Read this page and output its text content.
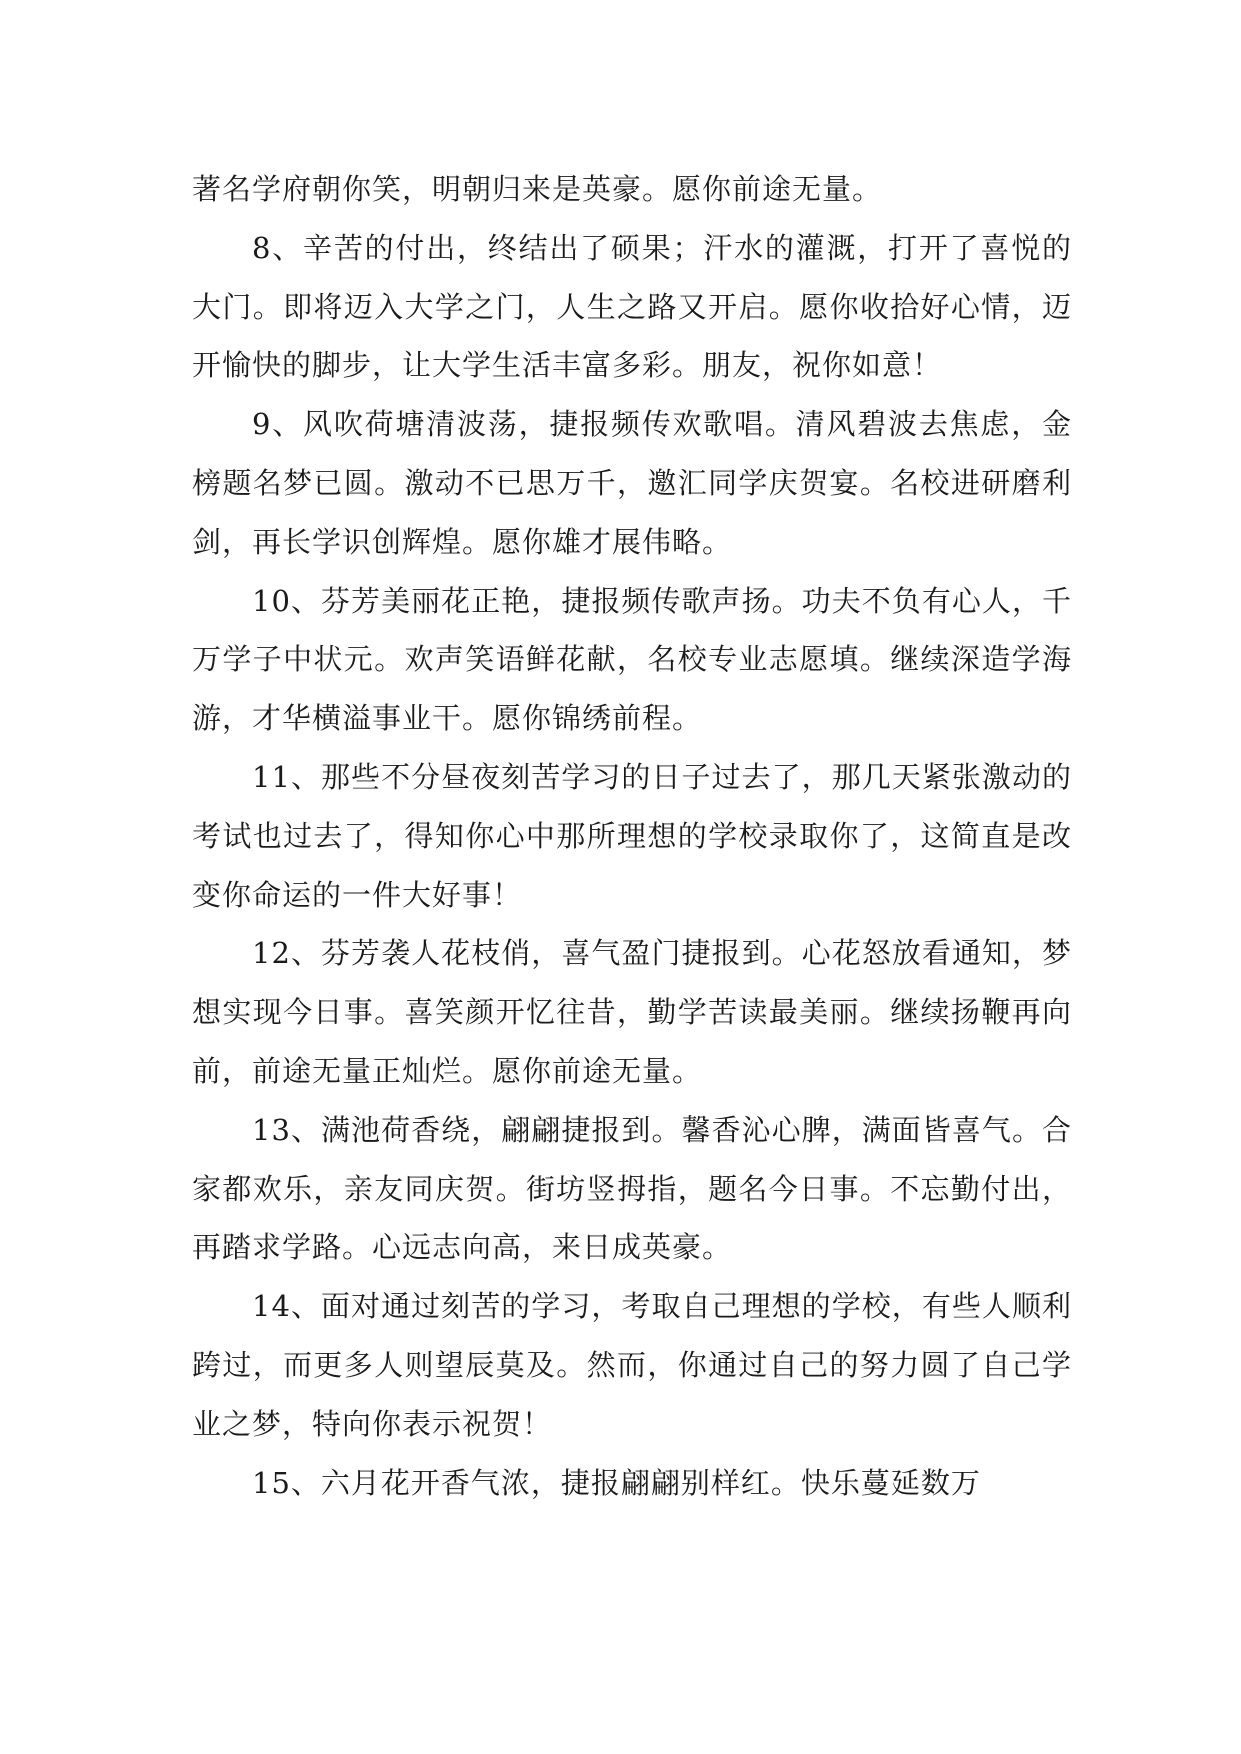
著名学府朝你笑，明朝归来是英豪。愿你前途无量。

8、辛苦的付出，终结出了硕果；汗水的灌溉，打开了喜悦的大门。即将迈入大学之门，人生之路又开启。愿你收拾好心情，迈开愉快的脚步，让大学生活丰富多彩。朋友，祝你如意！

9、风吹荷塘清波荡，捷报频传欢歌唱。清风碧波去焦虑，金榜题名梦已圆。激动不已思万千，邀汇同学庆贺宴。名校进研磨利剑，再长学识创辉煌。愿你雄才展伟略。

10、芬芳美丽花正艳，捷报频传歌声扬。功夫不负有心人，千万学子中状元。欢声笑语鲜花献，名校专业志愿填。继续深造学海游，才华横溢事业干。愿你锦绣前程。

11、那些不分昼夜刻苦学习的日子过去了，那几天紧张激动的考试也过去了，得知你心中那所理想的学校录取你了，这简直是改变你命运的一件大好事！

12、芬芳袭人花枝俏，喜气盈门捷报到。心花怒放看通知，梦想实现今日事。喜笑颜开忆往昔，勤学苦读最美丽。继续扬鞭再向前，前途无量正灿烂。愿你前途无量。

13、满池荷香绕，翩翩捷报到。馨香沁心脾，满面皆喜气。合家都欢乐，亲友同庆贺。街坊竖拇指，题名今日事。不忘勤付出，再踏求学路。心远志向高，来日成英豪。

14、面对通过刻苦的学习，考取自己理想的学校，有些人顺利跨过，而更多人则望辰莫及。然而，你通过自己的努力圆了自己学业之梦，特向你表示祝贺！

15、六月花开香气浓，捷报翩翩别样红。快乐蔓延数万
